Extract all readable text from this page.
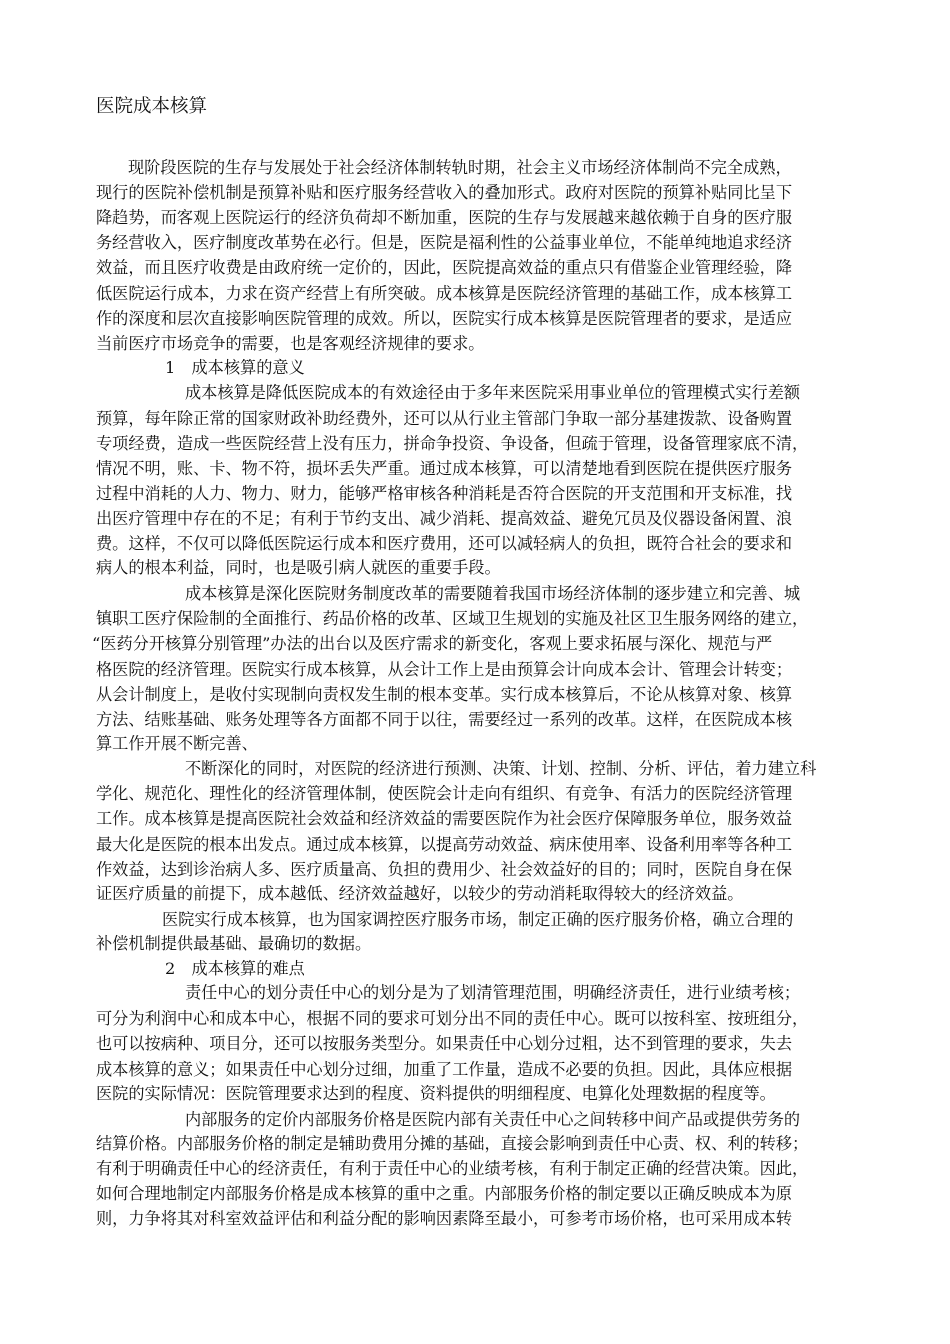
医院成本核算
现阶段医院的生存与发展处于社会经济体制转轨时期，社会主义市场经济体制尚不完全成熟，
现行的医院补偿机制是预算补贴和医疗服务经营收入的叠加形式。政府对医院的预算补贴同比呈下
降趋势，而客观上医院运行的经济负荷却不断加重，医院的生存与发展越来越依赖于自身的医疗服
务经营收入，医疗制度改革势在必行。但是，医院是福利性的公益事业单位，不能单纯地追求经济
效益，而且医疗收费是由政府统一定价的，因此，医院提高效益的重点只有借鉴企业管理经验，降
低医院运行成本，力求在资产经营上有所突破。成本核算是医院经济管理的基础工作，成本核算工
作的深度和层次直接影响医院管理的成效。所以，医院实行成本核算是医院管理者的要求，是适应
当前医疗市场竞争的需要，也是客观经济规律的要求。
1　成本核算的意义
成本核算是降低医院成本的有效途径由于多年来医院采用事业单位的管理模式实行差额
预算，每年除正常的国家财政补助经费外，还可以从行业主管部门争取一部分基建拨款、设备购置
专项经费，造成一些医院经营上没有压力，拼命争投资、争设备，但疏于管理，设备管理家底不清，
情况不明，账、卡、物不符，损坏丢失严重。通过成本核算，可以清楚地看到医院在提供医疗服务
过程中消耗的人力、物力、财力，能够严格审核各种消耗是否符合医院的开支范围和开支标准，找
出医疗管理中存在的不足；有利于节约支出、减少消耗、提高效益、避免冗员及仪器设备闲置、浪
费。这样，不仅可以降低医院运行成本和医疗费用，还可以减轻病人的负担，既符合社会的要求和
病人的根本利益，同时，也是吸引病人就医的重要手段。
成本核算是深化医院财务制度改革的需要随着我国市场经济体制的逐步建立和完善、城
镇职工医疗保险制的全面推行、药品价格的改革、区域卫生规划的实施及社区卫生服务网络的建立，
“医药分开核算分别管理”办法的出台以及医疗需求的新变化，客观上要求拓展与深化、规范与严
格医院的经济管理。医院实行成本核算，从会计工作上是由预算会计向成本会计、管理会计转变；
从会计制度上，是收付实现制向责权发生制的根本变革。实行成本核算后，不论从核算对象、核算
方法、结账基础、账务处理等各方面都不同于以往，需要经过一系列的改革。这样，在医院成本核
算工作开展不断完善、
不断深化的同时，对医院的经济进行预测、决策、计划、控制、分析、评估，着力建立科
学化、规范化、理性化的经济管理体制，使医院会计走向有组织、有竞争、有活力的医院经济管理
工作。成本核算是提高医院社会效益和经济效益的需要医院作为社会医疗保障服务单位，服务效益
最大化是医院的根本出发点。通过成本核算，以提高劳动效益、病床使用率、设备利用率等各种工
作效益，达到诊治病人多、医疗质量高、负担的费用少、社会效益好的目的；同时，医院自身在保
证医疗质量的前提下，成本越低、经济效益越好，以较少的劳动消耗取得较大的经济效益。
医院实行成本核算，也为国家调控医疗服务市场，制定正确的医疗服务价格，确立合理的
补偿机制提供最基础、最确切的数据。
2　成本核算的难点
责任中心的划分责任中心的划分是为了划清管理范围，明确经济责任，进行业绩考核；
可分为利润中心和成本中心，根据不同的要求可划分出不同的责任中心。既可以按科室、按班组分，
也可以按病种、项目分，还可以按服务类型分。如果责任中心划分过粗，达不到管理的要求，失去
成本核算的意义；如果责任中心划分过细，加重了工作量，造成不必要的负担。因此，具体应根据
医院的实际情况：医院管理要求达到的程度、资料提供的明细程度、电算化处理数据的程度等。
内部服务的定价内部服务价格是医院内部有关责任中心之间转移中间产品或提供劳务的
结算价格。内部服务价格的制定是辅助费用分摊的基础，直接会影响到责任中心责、权、利的转移；
有利于明确责任中心的经济责任，有利于责任中心的业绩考核，有利于制定正确的经营决策。因此，
如何合理地制定内部服务价格是成本核算的重中之重。内部服务价格的制定要以正确反映成本为原
则，力争将其对科室效益评估和利益分配的影响因素降至最小，可参考市场价格，也可采用成本转
